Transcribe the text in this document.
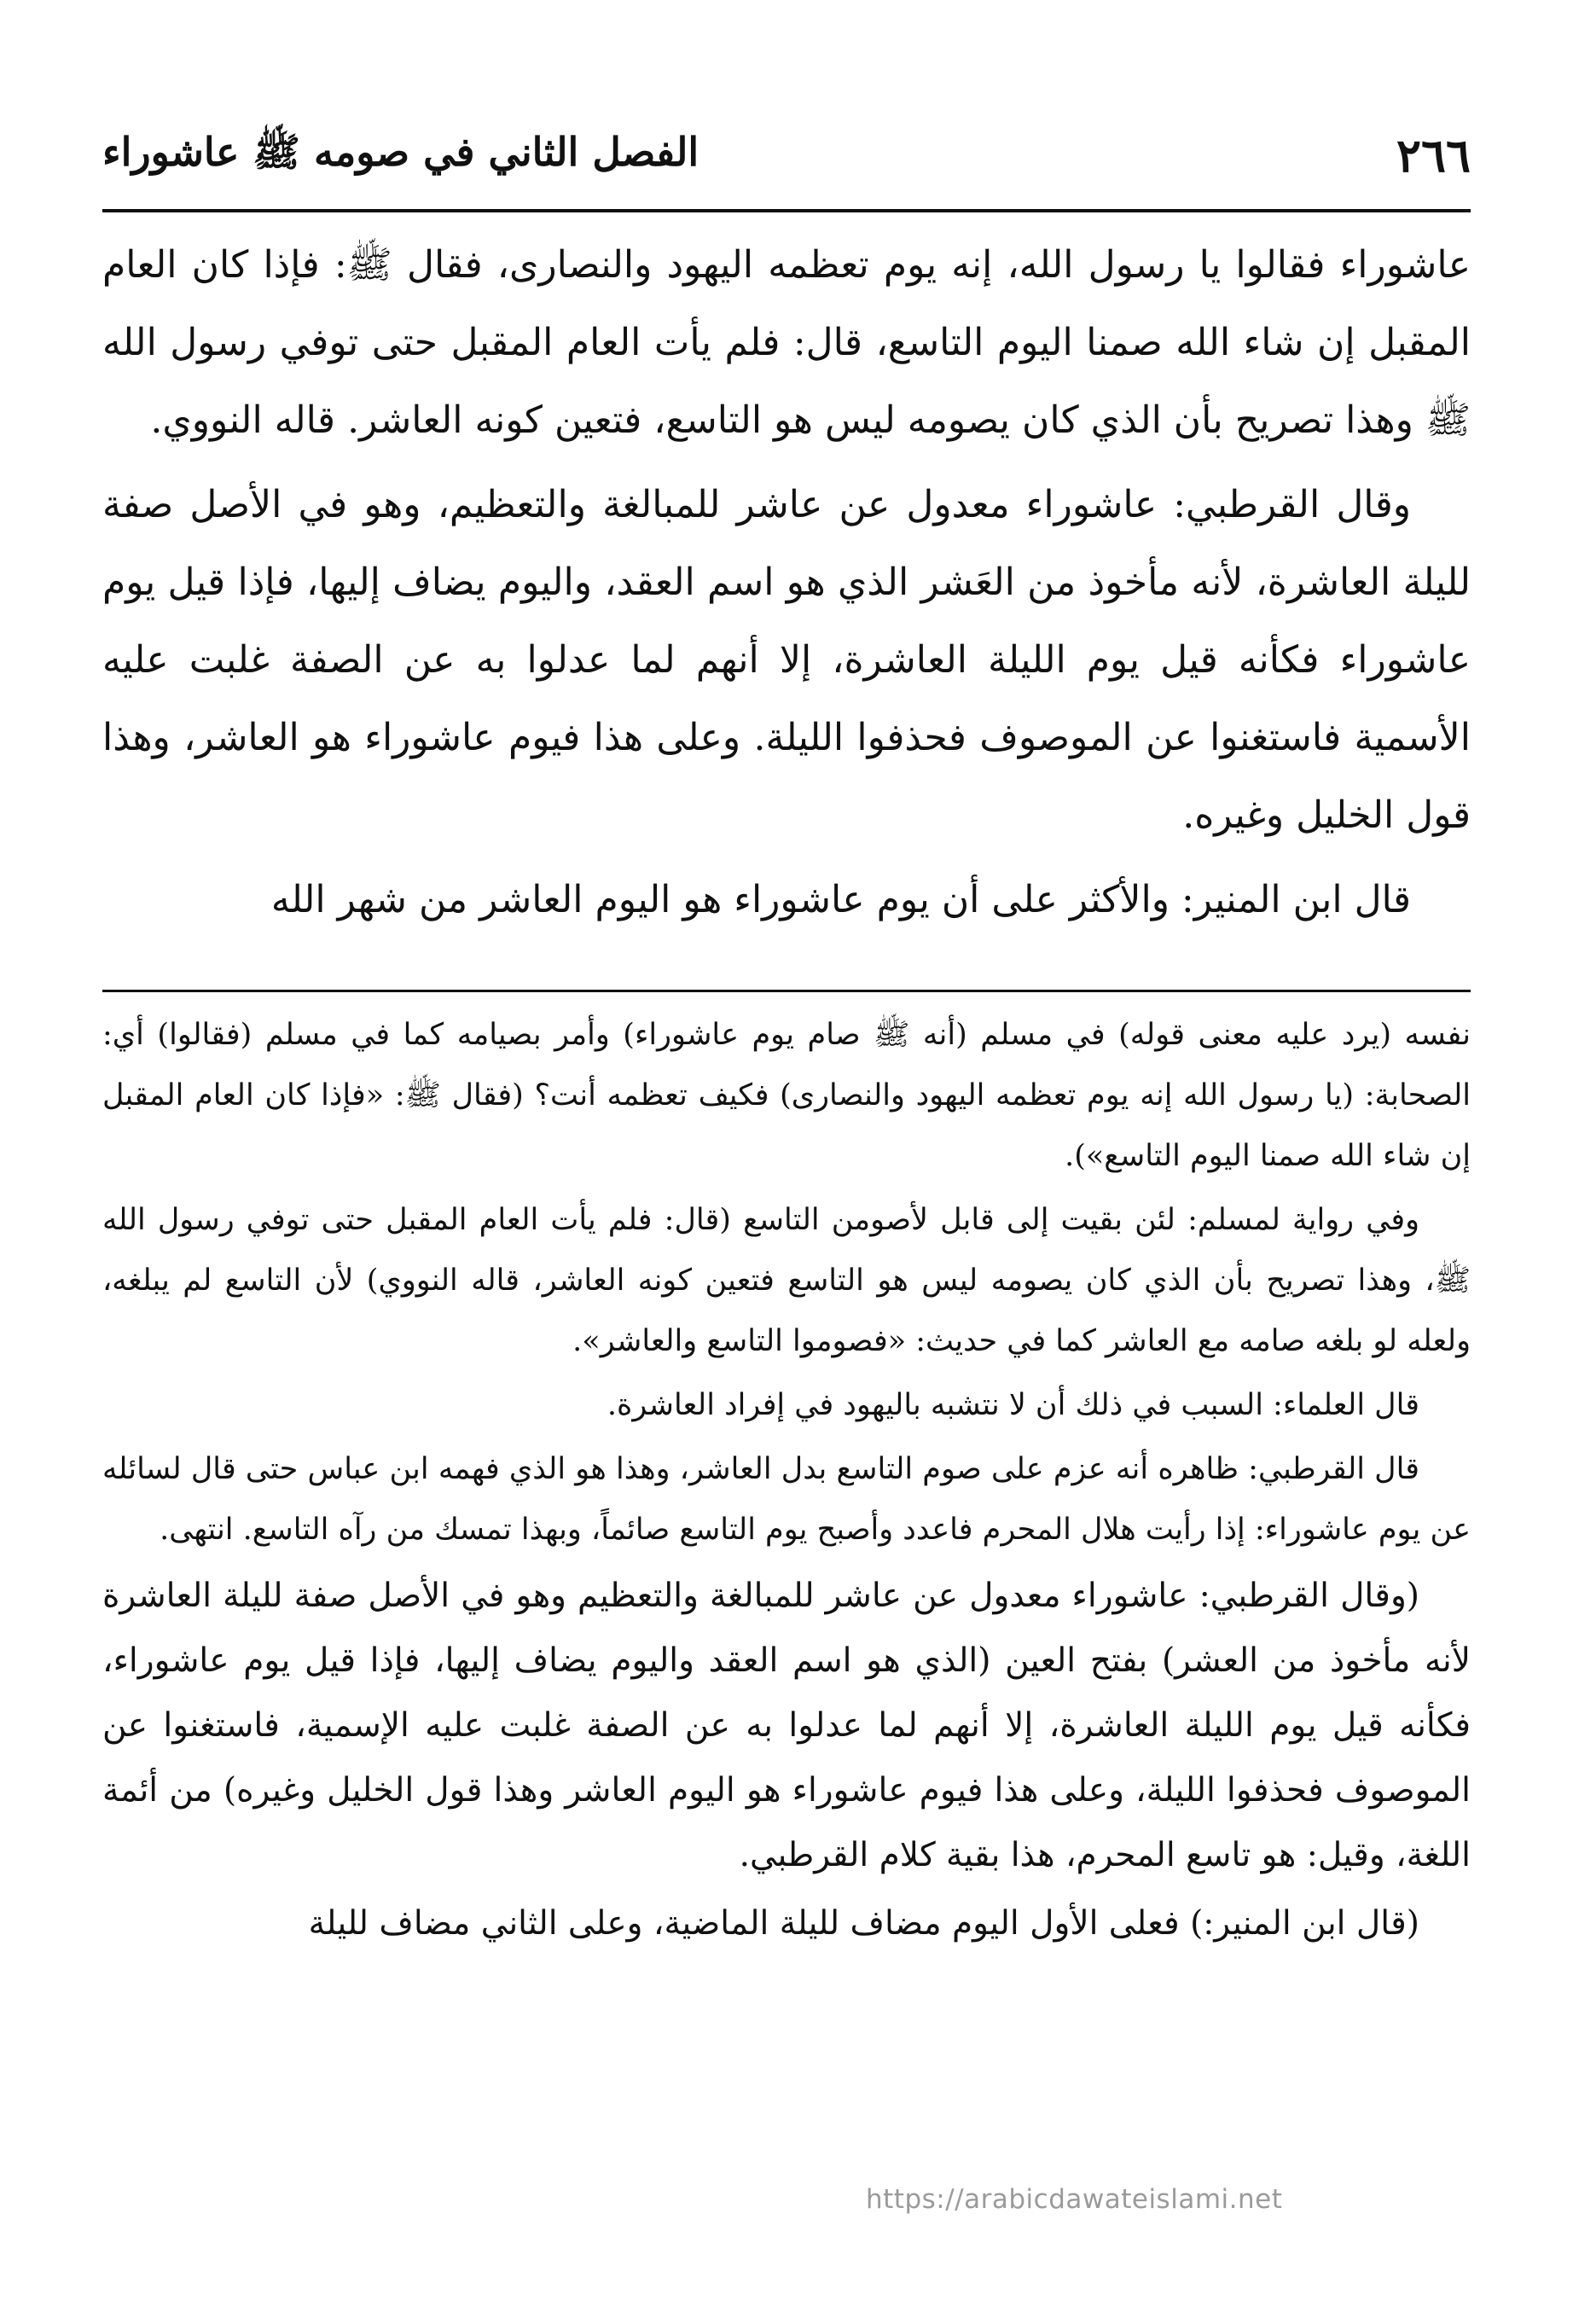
٢٦٦
الفصل الثاني في صومه ﷺ عاشوراء

عاشوراء فقالوا يا رسول الله، إنه يوم تعظمه اليهود والنصارى، فقال ﷺ: فإذا كان العام المقبل إن شاء الله صمنا اليوم التاسع، قال: فلم يأت العام المقبل حتى توفي رسول الله ﷺ وهذا تصريح بأن الذي كان يصومه ليس هو التاسع، فتعين كونه العاشر. قاله النووي.

وقال القرطبي: عاشوراء معدول عن عاشر للمبالغة والتعظيم، وهو في الأصل صفة لليلة العاشرة، لأنه مأخوذ من العَشر الذي هو اسم العقد، واليوم يضاف إليها، فإذا قيل يوم عاشوراء فكأنه قيل يوم الليلة العاشرة، إلا أنهم لما عدلوا به عن الصفة غلبت عليه الأسمية فاستغنوا عن الموصوف فحذفوا الليلة. وعلى هذا فيوم عاشوراء هو العاشر، وهذا قول الخليل وغيره.

قال ابن المنير: والأكثر على أن يوم عاشوراء هو اليوم العاشر من شهر الله

نفسه (يرد عليه معنى قوله) في مسلم (أنه ﷺ صام يوم عاشوراء) وأمر بصيامه كما في مسلم (فقالوا) أي: الصحابة: (يا رسول الله إنه يوم تعظمه اليهود والنصارى) فكيف تعظمه أنت؟ (فقال ﷺ: «فإذا كان العام المقبل إن شاء الله صمنا اليوم التاسع»).

وفي رواية لمسلم: لئن بقيت إلى قابل لأصومن التاسع (قال: فلم يأت العام المقبل حتى توفي رسول الله ﷺ، وهذا تصريح بأن الذي كان يصومه ليس هو التاسع فتعين كونه العاشر، قاله النووي) لأن التاسع لم يبلغه، ولعله لو بلغه صامه مع العاشر كما في حديث: «فصوموا التاسع والعاشر».

قال العلماء: السبب في ذلك أن لا نتشبه باليهود في إفراد العاشرة.

قال القرطبي: ظاهره أنه عزم على صوم التاسع بدل العاشر، وهذا هو الذي فهمه ابن عباس حتى قال لسائله عن يوم عاشوراء: إذا رأيت هلال المحرم فاعدد وأصبح يوم التاسع صائماً، وبهذا تمسك من رآه التاسع. انتهى.

(وقال القرطبي: عاشوراء معدول عن عاشر للمبالغة والتعظيم وهو في الأصل صفة لليلة العاشرة لأنه مأخوذ من العشر) بفتح العين (الذي هو اسم العقد واليوم يضاف إليها، فإذا قيل يوم عاشوراء، فكأنه قيل يوم الليلة العاشرة، إلا أنهم لما عدلوا به عن الصفة غلبت عليه الإسمية، فاستغنوا عن الموصوف فحذفوا الليلة، وعلى هذا فيوم عاشوراء هو اليوم العاشر وهذا قول الخليل وغيره) من أئمة اللغة، وقيل: هو تاسع المحرم، هذا بقية كلام القرطبي.

(قال ابن المنير:) فعلى الأول اليوم مضاف لليلة الماضية، وعلى الثاني مضاف لليلة

https://arabicdawateislami.net
